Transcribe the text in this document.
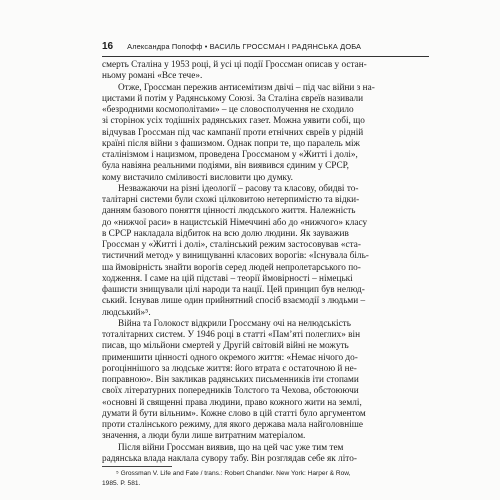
16 Александра Попофф • ВАСИЛЬ ГРОССМАН І РАДЯНСЬКА ДОБА

смерть Сталіна у 1953 році, й усі ці події Гроссман описав у остан-
ньому романі «Все тече».

Отже, Гроссман пережив антисемітизм двічі – під час війни з на-
цистами й потім у Радянському Союзі. За Сталіна євреїв називали
«безродними космополітами» – це словосполучення не сходило
зі сторінок усіх тодішніх радянських газет. Можна уявити собі, що
відчував Гроссман під час кампанії проти етнічних євреїв у рідній
країні після війни з фашизмом. Однак попри те, що паралель між
сталінізмом і нацизмом, проведена Гроссманом у «Житті і долі»,
була навіяна реальними подіями, він виявився єдиним у СРСР,
кому вистачило сміливості висловити цю думку.

Незважаючи на різні ідеології – расову та класову, обидві то-
талітарні системи були схожі цілковитою нетерпимістю та відки-
данням базового поняття цінності людського життя. Належність
до «нижчої раси» в нацистській Німеччині або до «нижчого» класу
в СРСР накладала відбиток на всю долю людини. Як зауважив
Гроссман у «Житті і долі», сталінський режим застосовував «ста-
тистичний метод» у винищуванні класових ворогів: «Існувала біль-
ша ймовірність знайти ворогів серед людей непролетарського по-
ходження. І саме на цій підставі – теорії ймовірності – німецькі
фашисти знищували цілі народи та нації. Цей принцип був нелюд-
ський. Існував лише один прийнятний спосіб взаємодії з людьми –
людський»⁵.

Війна та Голокост відкрили Гроссману очі на нелюдськість
тоталітарних систем. У 1946 році в статті «Пам’яті полеглих» він
писав, що мільйони смертей у Другій світовій війні не можуть
применшити цінності одного окремого життя: «Немає нічого до-
рогоціннішого за людське життя: його втрата є остаточною й не-
поправною». Він закликав радянських письменників іти стопами
своїх літературних попередників Толстого та Чехова, обстоюючи
«основні й священні права людини, право кожного жити на землі,
думати й бути вільним». Кожне слово в цій статті було аргументом
проти сталінського режиму, для якого держава мала найголовніше
значення, а люди були лише витратним матеріалом.

Після війни Гроссман виявив, що на цей час уже тим тем
радянська влада наклала сувору табу. Він розглядав себе як літо-

⁵ Grossman V. Life and Fate / trans.: Robert Chandler. New York: Harper & Row,
1985. P. 581.
